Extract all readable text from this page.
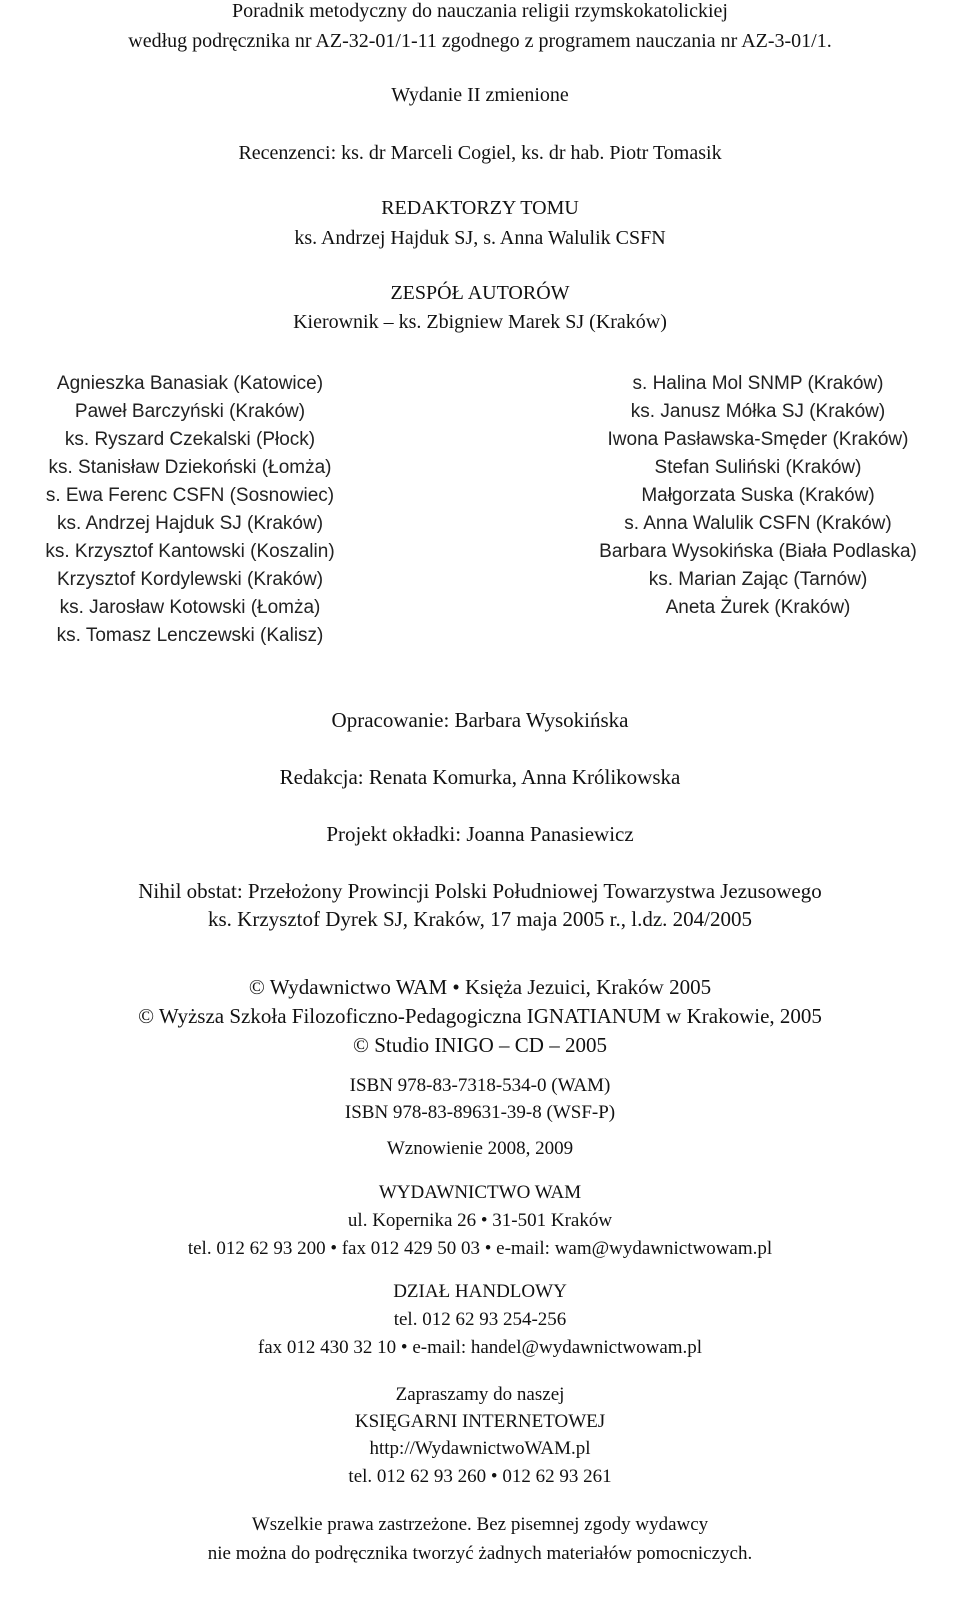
Poradnik metodyczny do nauczania religii rzymskokatolickiej
według podręcznika nr AZ-32-01/1-11 zgodnego z programem nauczania nr AZ-3-01/1.
Wydanie II zmienione
Recenzenci: ks. dr Marceli Cogiel, ks. dr hab. Piotr Tomasik
REDAKTORZY TOMU
ks. Andrzej Hajduk SJ, s. Anna Walulik CSFN
ZESPÓŁ AUTORÓW
Kierownik – ks. Zbigniew Marek SJ (Kraków)
Agnieszka Banasiak (Katowice)
Paweł Barczyński (Kraków)
ks. Ryszard Czekalski (Płock)
ks. Stanisław Dziekoński (Łomża)
s. Ewa Ferenc CSFN (Sosnowiec)
ks. Andrzej Hajduk SJ (Kraków)
ks. Krzysztof Kantowski (Koszalin)
Krzysztof Kordylewski (Kraków)
ks. Jarosław Kotowski (Łomża)
ks. Tomasz Lenczewski (Kalisz)
s. Halina Mol SNMP (Kraków)
ks. Janusz Mółka SJ (Kraków)
Iwona Pasławska-Smęder (Kraków)
Stefan Suliński (Kraków)
Małgorzata Suska (Kraków)
s. Anna Walulik CSFN (Kraków)
Barbara Wysokińska (Biała Podlaska)
ks. Marian Zając (Tarnów)
Aneta Żurek (Kraków)
Opracowanie: Barbara Wysokińska
Redakcja: Renata Komurka, Anna Królikowska
Projekt okładki: Joanna Panasiewicz
Nihil obstat: Przełożony Prowincji Polski Południowej Towarzystwa Jezusowego
ks. Krzysztof Dyrek SJ, Kraków, 17 maja 2005 r., l.dz. 204/2005
© Wydawnictwo WAM • Księża Jezuici, Kraków 2005
© Wyższa Szkoła Filozoficzno-Pedagogiczna IGNATIANUM w Krakowie, 2005
© Studio INIGO – CD – 2005
ISBN 978-83-7318-534-0 (WAM)
ISBN 978-83-89631-39-8 (WSF-P)
Wznowienie 2008, 2009
WYDAWNICTWO WAM
ul. Kopernika 26 • 31-501 Kraków
tel. 012 62 93 200 • fax 012 429 50 03 • e-mail: wam@wydawnictwowam.pl
DZIAŁ HANDLOWY
tel. 012 62 93 254-256
fax 012 430 32 10 • e-mail: handel@wydawnictwowam.pl
Zapraszamy do naszej
KSIĘGARNI INTERNETOWEJ
http://WydawnictwoWAM.pl
tel. 012 62 93 260 • 012 62 93 261
Wszelkie prawa zastrzeżone. Bez pisemnej zgody wydawcy
nie można do podręcznika tworzyć żadnych materiałów pomocniczych.
